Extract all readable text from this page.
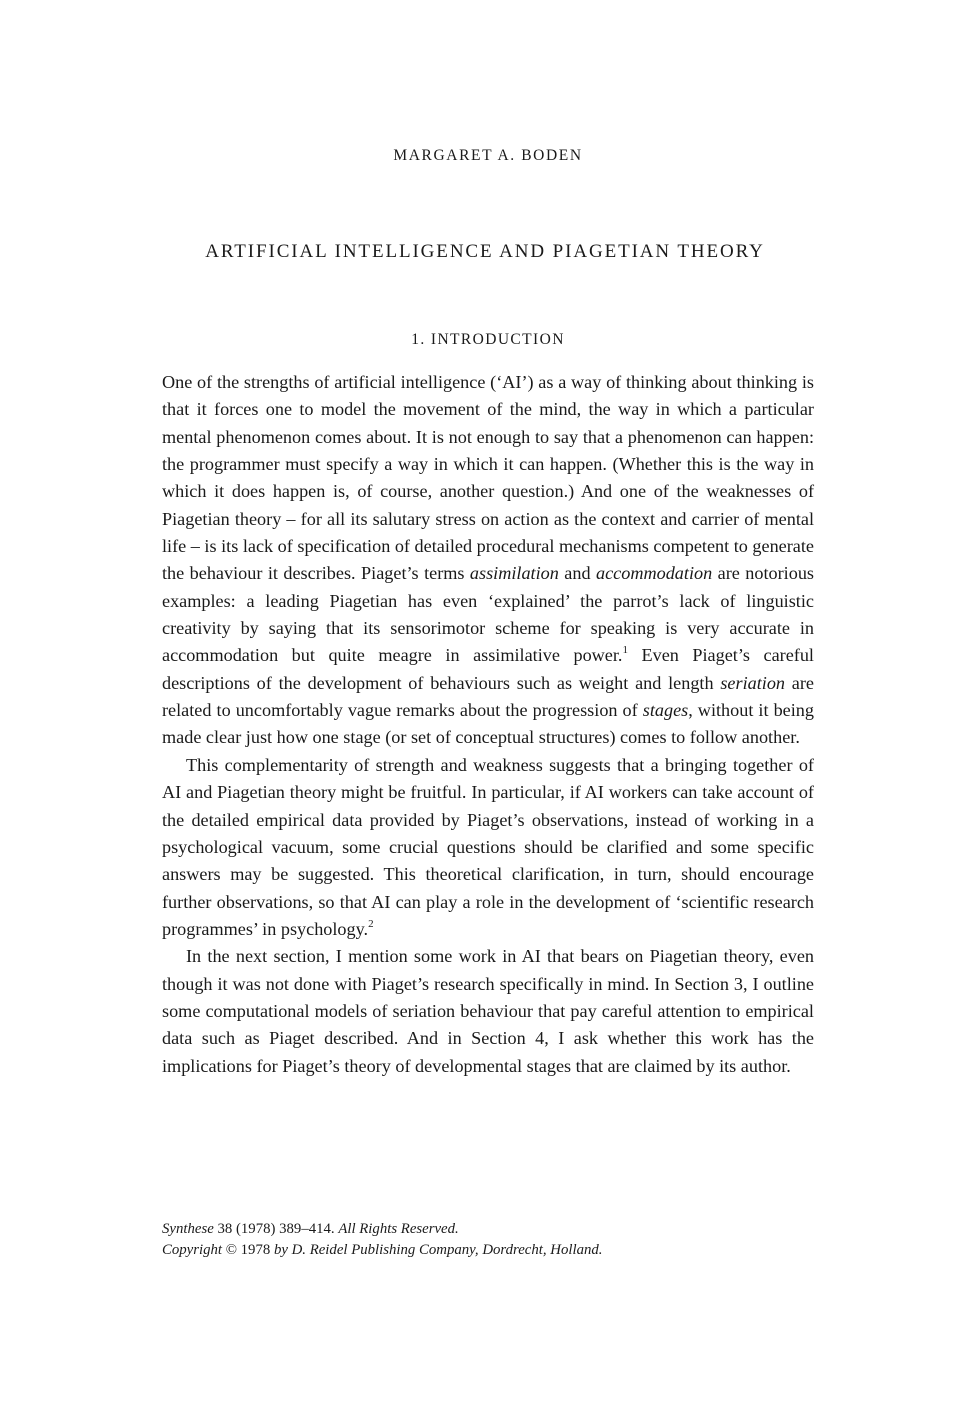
MARGARET A. BODEN
ARTIFICIAL INTELLIGENCE AND PIAGETIAN THEORY
1. INTRODUCTION

One of the strengths of artificial intelligence (‘AI’) as a way of thinking about thinking is that it forces one to model the movement of the mind, the way in which a particular mental phenomenon comes about. It is not enough to say that a phenomenon can happen: the programmer must specify a way in which it can happen. (Whether this is the way in which it does happen is, of course, another question.) And one of the weaknesses of Piagetian theory – for all its salutary stress on action as the context and carrier of mental life – is its lack of specification of detailed procedural mechanisms competent to generate the behaviour it describes. Piaget’s terms assimilation and accommodation are notorious examples: a leading Piagetian has even ‘explained’ the parrot’s lack of linguistic creativity by saying that its sensorimotor scheme for speaking is very accurate in accommodation but quite meagre in assimilative power.$^1$ Even Piaget’s careful descriptions of the development of behaviours such as weight and length seriation are related to uncomfortably vague remarks about the progression of stages, without it being made clear just how one stage (or set of conceptual structures) comes to follow another.

This complementarity of strength and weakness suggests that a bringing together of AI and Piagetian theory might be fruitful. In particular, if AI workers can take account of the detailed empirical data provided by Piaget’s observations, instead of working in a psychological vacuum, some crucial questions should be clarified and some specific answers may be suggested. This theoretical clarification, in turn, should encourage further observations, so that AI can play a role in the development of ‘scientific research programmes’ in psychology.$^2$

In the next section, I mention some work in AI that bears on Piagetian theory, even though it was not done with Piaget’s research specifically in mind. In Section 3, I outline some computational models of seriation behaviour that pay careful attention to empirical data such as Piaget described. And in Section 4, I ask whether this work has the implications for Piaget’s theory of developmental stages that are claimed by its author.

Synthese 38 (1978) 389–414. All Rights Reserved.
Copyright © 1978 by D. Reidel Publishing Company, Dordrecht, Holland.
